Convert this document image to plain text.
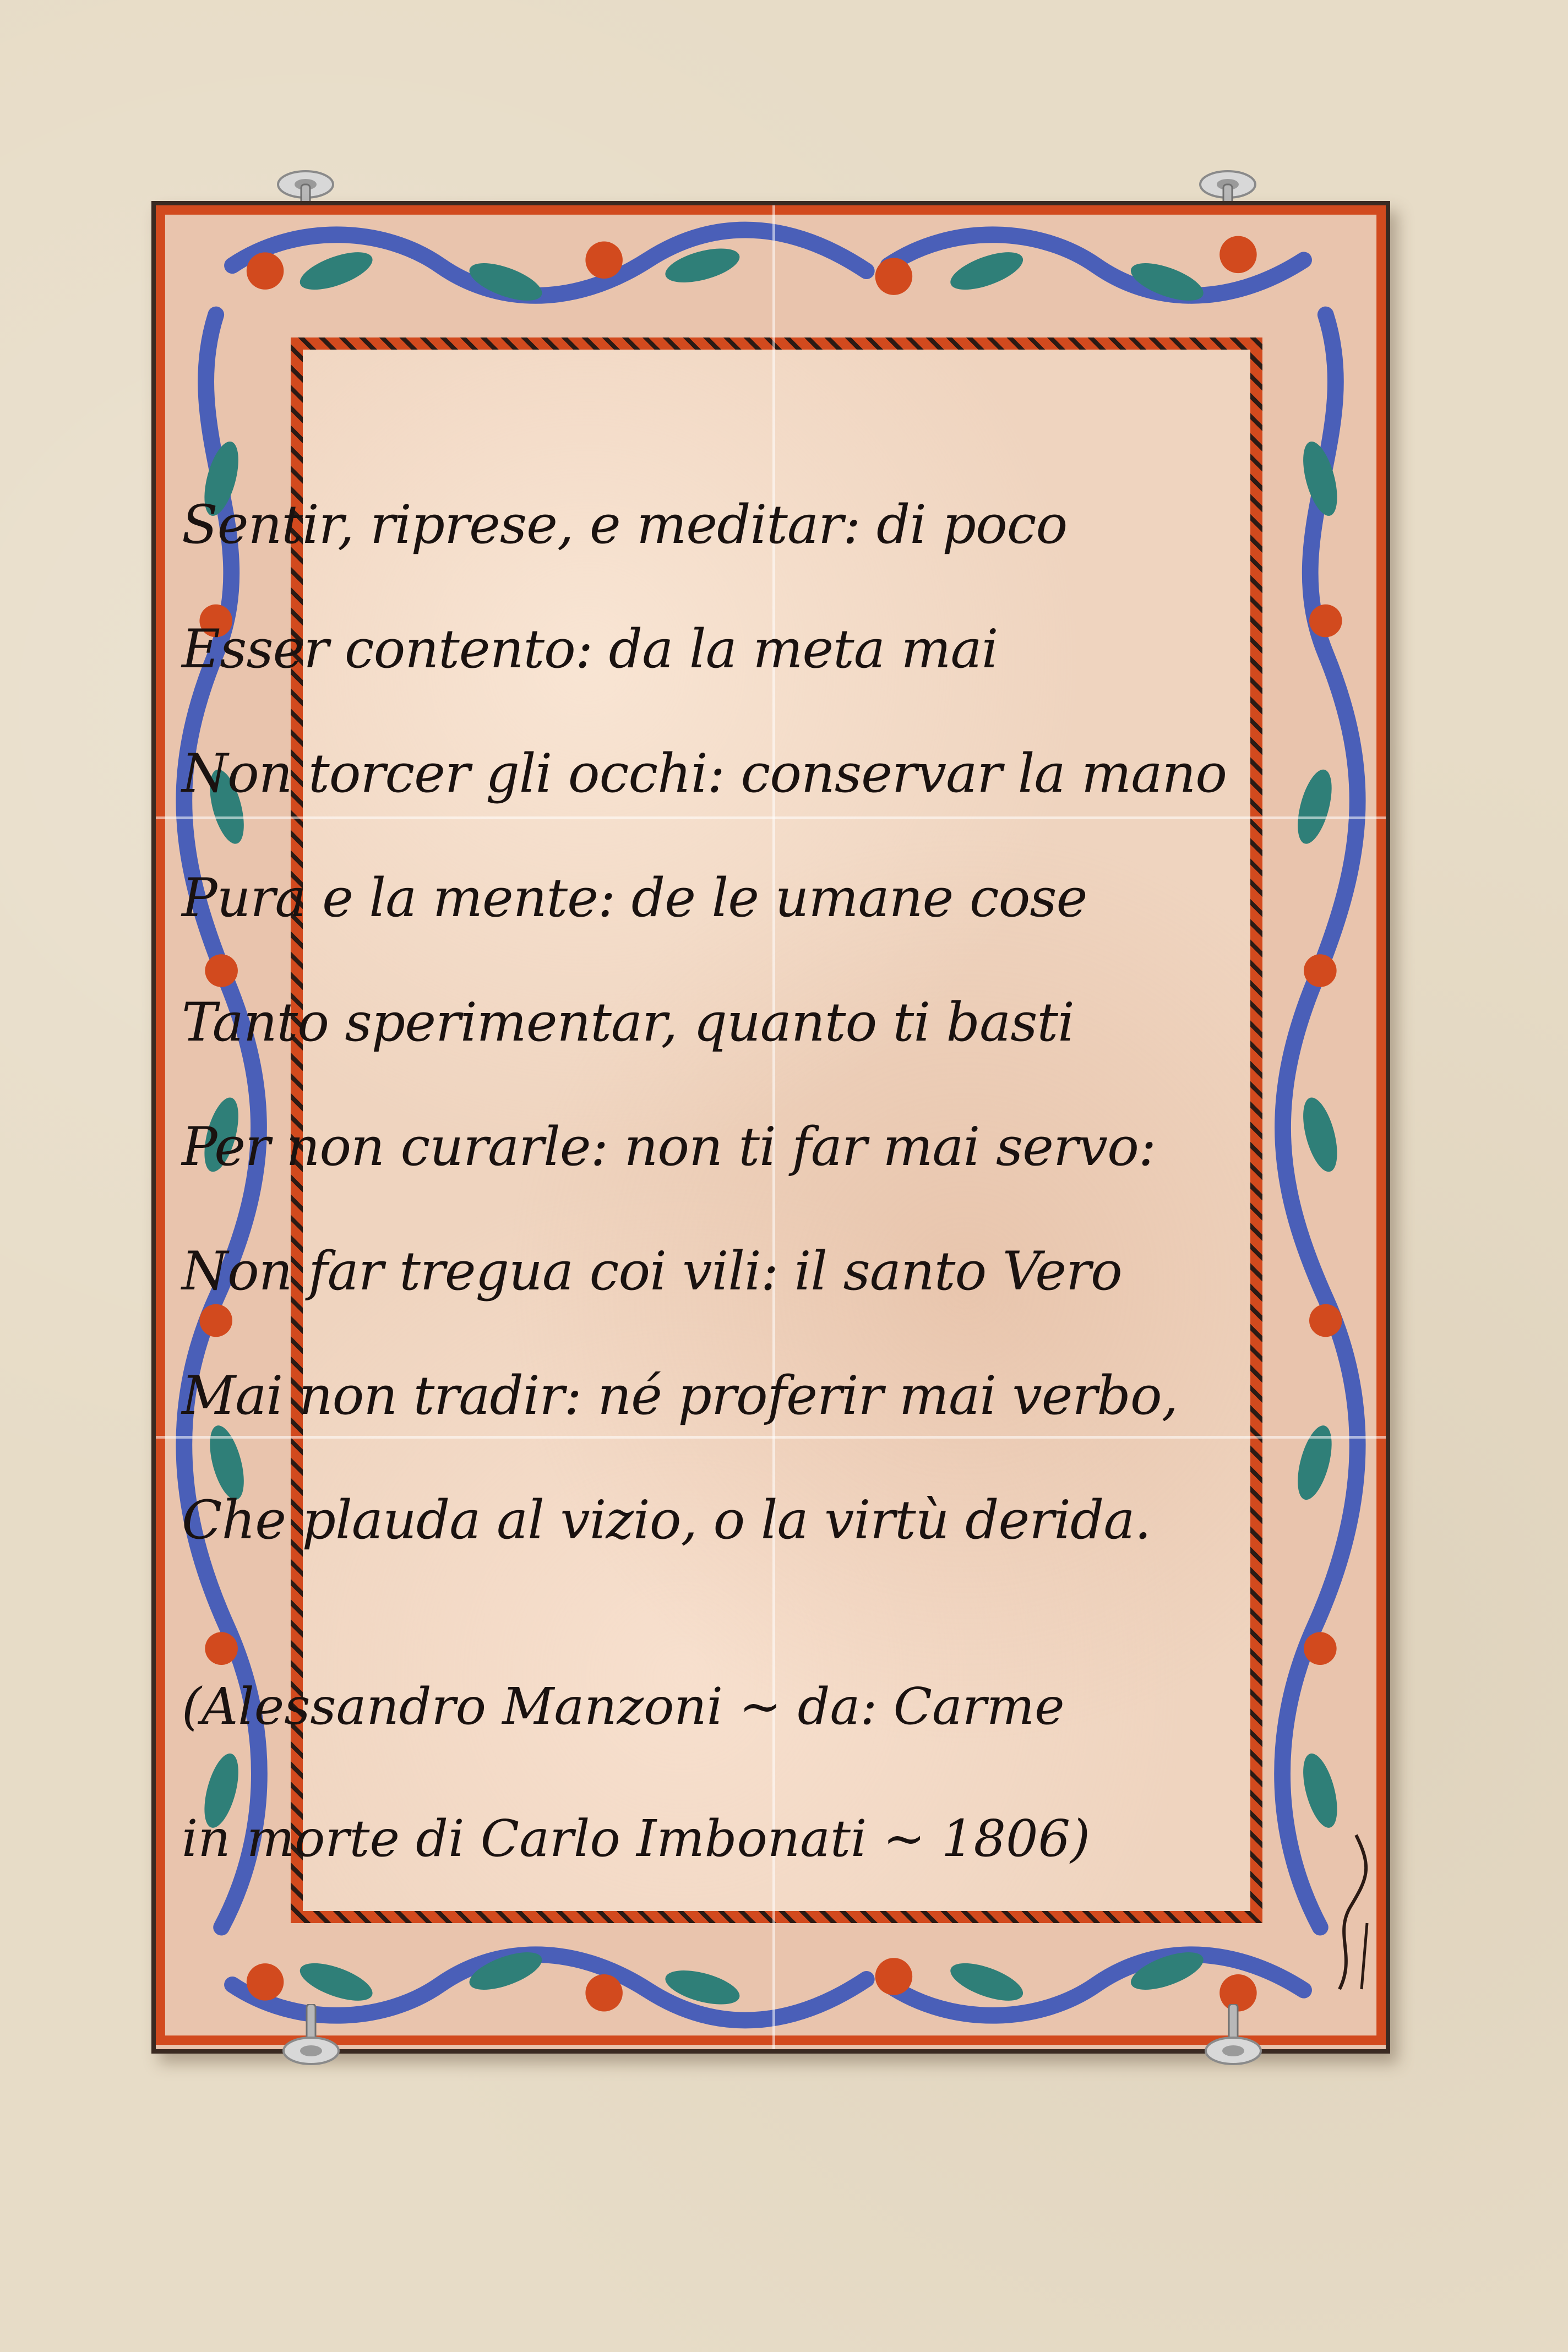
Sentir, riprese, e meditar: di poco
Esser contento: da la meta mai
Non torcer gli occhi: conservar la mano
Pura e la mente: de le umane cose
Tanto sperimentar, quanto ti basti
Per non curarle: non ti far mai servo:
Non far tregua coi vili: il santo Vero
Mai non tradir: né proferir mai verbo,
Che plauda al vizio, o la virtù derida.
(Alessandro Manzoni ~ da: Carme
in morte di Carlo Imbonati ~ 1806)
